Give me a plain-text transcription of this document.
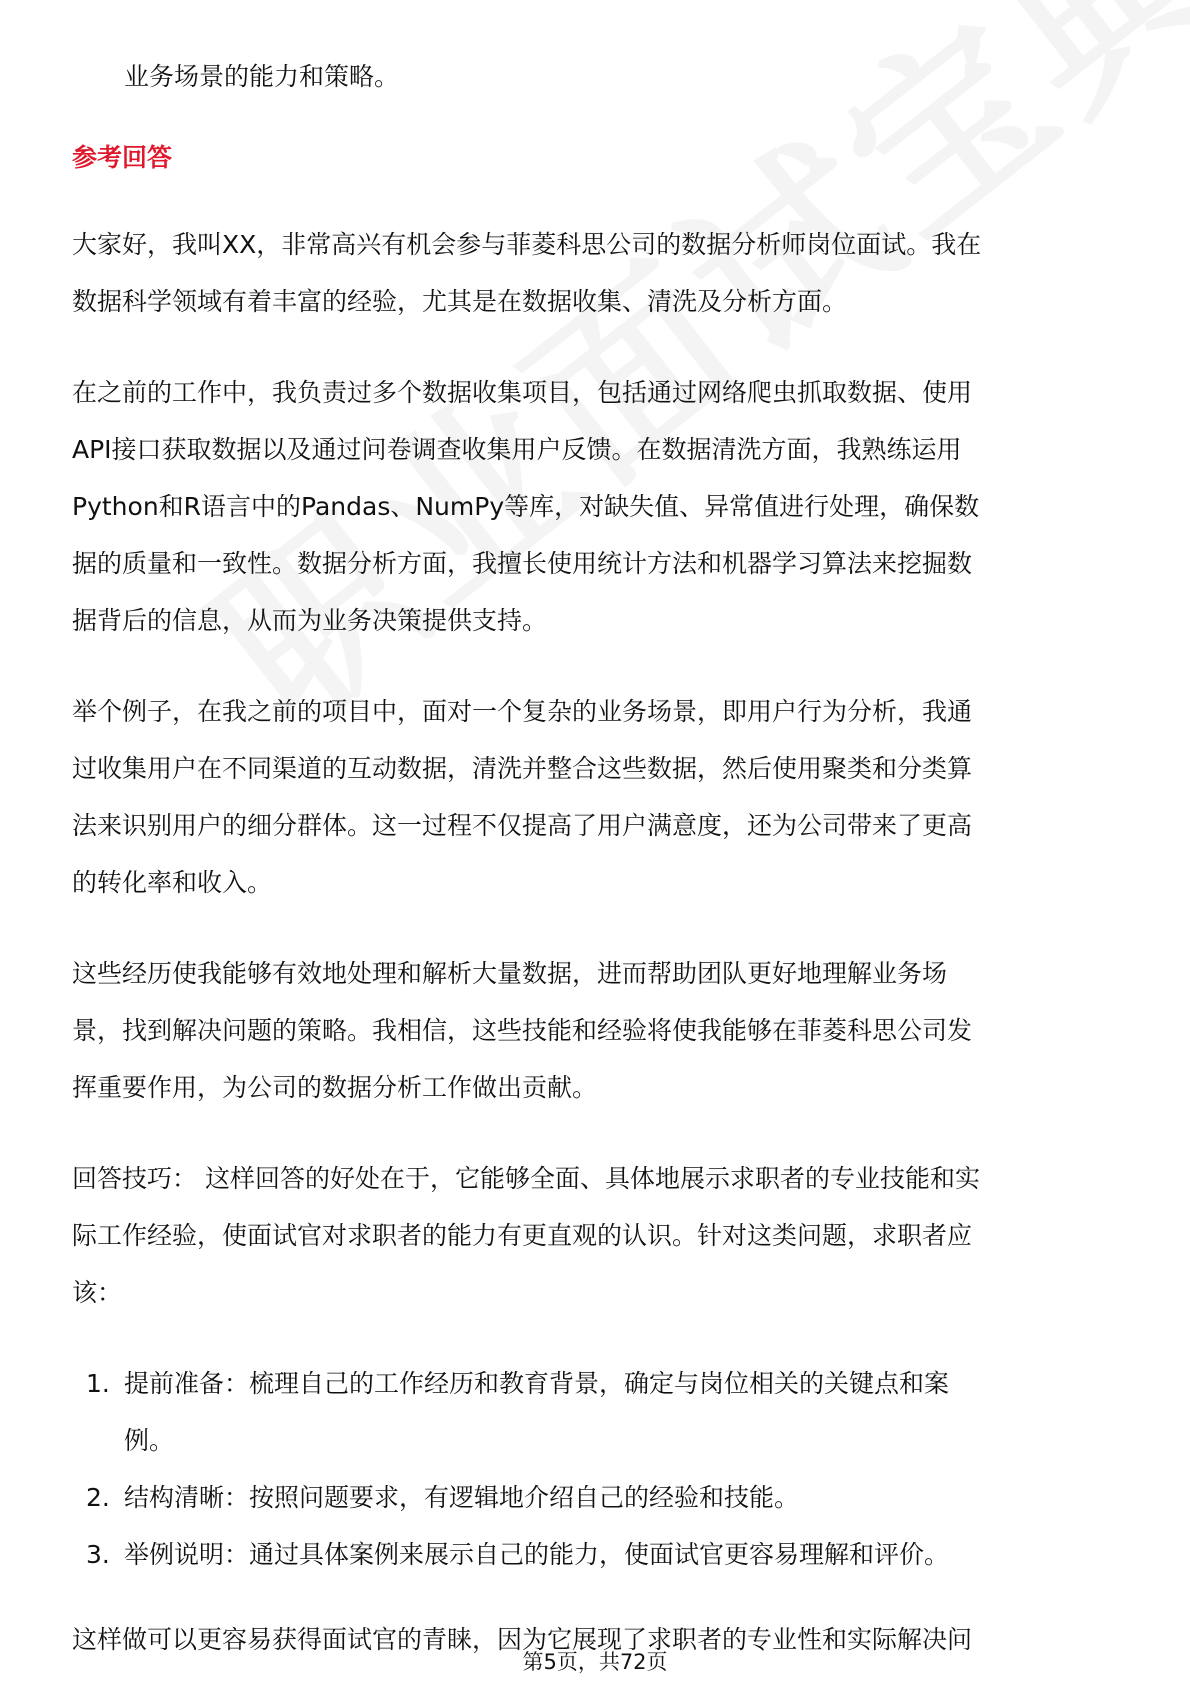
业务场景的能力和策略。

参考回答

大家好，我叫XX，非常高兴有机会参与菲菱科思公司的数据分析师岗位面试。我在

数据科学领域有着丰富的经验，尤其是在数据收集、清洗及分析方面。

在之前的工作中，我负责过多个数据收集项目，包括通过网络爬虫抓取数据、使用

API接口获取数据以及通过问卷调查收集用户反馈。在数据清洗方面，我熟练运用

Python和R语言中的Pandas、NumPy等库，对缺失值、异常值进行处理，确保数

据的质量和一致性。数据分析方面，我擅长使用统计方法和机器学习算法来挖掘数

据背后的信息，从而为业务决策提供支持。

举个例子，在我之前的项目中，面对一个复杂的业务场景，即用户行为分析，我通

过收集用户在不同渠道的互动数据，清洗并整合这些数据，然后使用聚类和分类算

法来识别用户的细分群体。这一过程不仅提高了用户满意度，还为公司带来了更高

的转化率和收入。

这些经历使我能够有效地处理和解析大量数据，进而帮助团队更好地理解业务场

景，找到解决问题的策略。我相信，这些技能和经验将使我能够在菲菱科思公司发

挥重要作用，为公司的数据分析工作做出贡献。

回答技巧： 这样回答的好处在于，它能够全面、具体地展示求职者的专业技能和实

际工作经验，使面试官对求职者的能力有更直观的认识。针对这类问题，求职者应

该：

1. 提前准备：梳理自己的工作经历和教育背景，确定与岗位相关的关键点和案

例。

2. 结构清晰：按照问题要求，有逻辑地介绍自己的经验和技能。

3. 举例说明：通过具体案例来展示自己的能力，使面试官更容易理解和评价。

这样做可以更容易获得面试官的青睐，因为它展现了求职者的专业性和实际解决问

第5页，共72页
